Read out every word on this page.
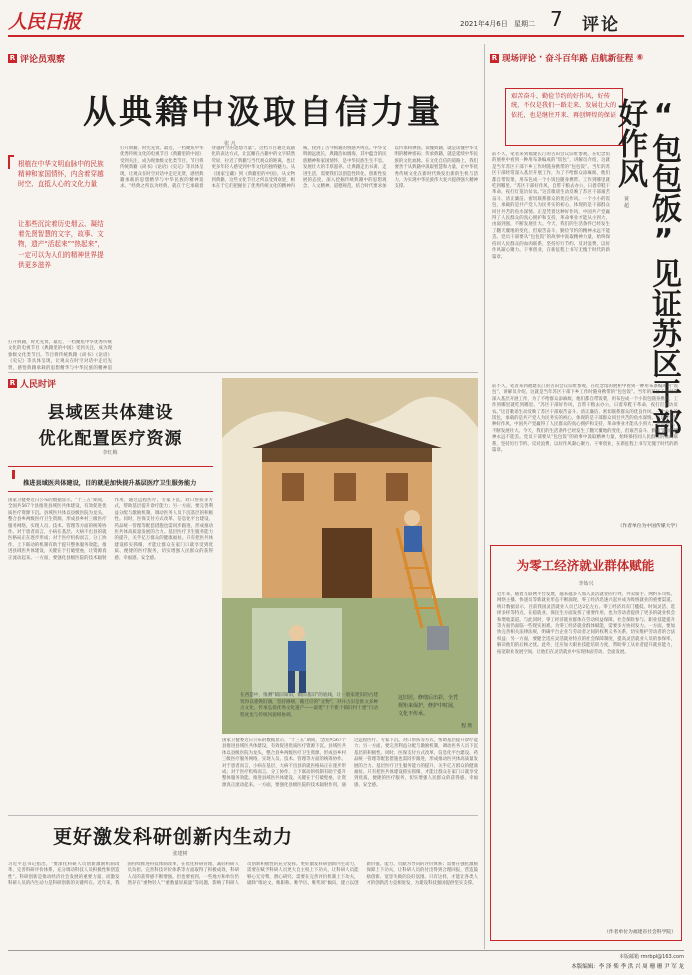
人民日报	2021年4月6日 星期二 7 评论
R 评论员观察
从典籍中汲取自信力量
张 凡
根植在中华文明血脉中的民族精神和家国情怀，内含着穿越时空、直抵人心的文化力量
让那些沉淀着历史烟云、凝结着先贤智慧的文字，故事、文物，遗产“活起来”“热起来”，一定可以为人们的精神世界提供更多滋养
打开典籍，时光先贤。最近，一档聚焦中华优秀传统文化的电视节目《典籍里的中国》受到关注，成为现象级文化类节目。节目将传统典籍《尚书》《论语》《史记》等具体呈现，让观众在时空对话中走近先贤，感悟典籍承载的思想精华与中华民族的精神追
打开典籍，时光先贤。最近，一档聚焦中华优秀传统文化的电视节目《典籍里的中国》受到关注，成为现象级文化类节目。节目将传统典籍《尚书》《论语》《史记》等具体呈现，让观众在时空对话中走近先贤，感悟典籍承载的思想精华与中华民族的精神追求。“经典之所以为经典，就在于它承载着穿越时空的思想力量”。这档节目通过戏剧化的表达方式，让沉睡在古籍中的文字跃然荧屏，拉近了典籍与当代观众的距离，也让更多年轻人感受到中华文化的独特魅力。从《国家宝藏》到《典籍里的中国》，从文物到典籍，这些文化节目之所以受到欢迎，根本在于它们把握住了优秀传统文化的精神内核，找到了古今相通的情感共鸣点。中华文明源远流长，典籍浩如烟海，其中蕴含的民族精神和家国情怀，是中华民族生生不息、发展壮大的丰厚滋养。让典籍走出书斋、走进生活，需要我们以创造性转化、创新性发展的态度，深入挖掘传统典籍中的思想观念、人文精神、道德规范，结合时代要求加以传承和弹扬。读懂典籍，就是读懂中华文明的精神密码；传承典籍，就是延续中华民族的文化血脉。在文化自信的道路上，我们要善于从典籍中汲取智慧和力量，让中华优秀传统文化在新时代焕发出新的生机与活力，为实现中华民族伟大复兴提供强大精神支撑。
R 人民时评
县域医共体建设
优化配置医疗资源
李红梅
推进县域医共体建设，目的就是加快提升基层医疗卫生服务能力
国家卫健委近日公布的数据显示，“十三五”期间，全国共567个县推进县域医共体建设，有效促进优质医疗资源下沉。县域医共体以县级医院为龙头，整合县乡两级医疗卫生资源，形成县乡村三级医疗服务网络，实现人员、技术、管理等方面的统筹协作。对于患者而言，小病在基层、大病不出县的就医格局正在逐步形成；对于医疗机构而言，分工协作、上下联动的机制有助于提升整体服务效能。推进县域医共体建设，关键在于打破壁垒，让资源真正流动起来。一方面，要强化县级医院的技术辐射作用，通过远程医疗、专家下沉、对口帮扶等方式，帮助基层提升诊疗能力；另一方面，要完善利益分配与激励机制，调动医务人员下沉基层的积极性。同时，医保支付方式改革、信息化平台建设、药品统一管理等配套措施也需同步跟进，形成推动医共体高质量发展的合力。基层医疗卫生服务能力的提升，关乎亿万群众的健康福祉。只有把医共体建设抓实抓细，才能让群众在家门口就享受到优质、便捷的医疗服务，切实增强人民群众的获得感、幸福感、安全感。
在西造中，推测”镇旧知旧，镇旧基旧”的底线，让一般家建旧的古建筑得以重焕旧旗，坚持修缮，搬迁应的”文物”，对并古旧是推文多种古文化，传承弘扬优秀文化遗产——最建”十个新十镇旧村十建”行动程度也与传统风貌相协调。
这旧居，修缮后出彩，全凭规矩来保护，修护中时展，文化不传承。
程 然
国家卫健委近日公布的数据显示，“十三五”期间，全国共567个县推进县域医共体建设，有效促进优质医疗资源下沉。县域医共体以县级医院为龙头，整合县乡两级医疗卫生资源，形成县乡村三级医疗服务网络，实现人员、技术、管理等方面的统筹协作。对于患者而言，小病在基层、大病不出县的就医格局正在逐步形成；对于医疗机构而言，分工协作、上下联动的机制有助于提升整体服务效能。推进县域医共体建设，关键在于打破壁垒，让资源真正流动起来。一方面，要强化县级医院的技术辐射作用，通过远程医疗、专家下沉、对口帮扶等方式，帮助基层提升诊疗能力；另一方面，要完善利益分配与激励机制，调动医务人员下沉基层的积极性。同时，医保支付方式改革、信息化平台建设、药品统一管理等配套措施也需同步跟进，形成推动医共体高质量发展的合力。基层医疗卫生服务能力的提升，关乎亿万群众的健康福祉。只有把医共体建设抓实抓细，才能让群众在家门口就享受到优质、便捷的医疗服务，切实增强人民群众的获得感、幸福感、安全感。
更好激发科研创新内生动力
张建树
习近平总书记指出，“要深化科研人员创新激励机制改革，完善科研评价体系，充分调动科技人员积极性和创造性”。科研创新是推动经济社会发展的重要力量，而激发科研人员的内生动力是科研创新的关键所在。近年来，我国持续推进科技体制改革，在优化科研管理、减轻科研人员负担、完善科技评价体系等方面取得了积极成效，科研人员的获得感不断增强。但也要看到，一些地方和单位仍然存在“重物轻人”“重数量轻质量”等问题，影响了科研人员创新积极性的充分发挥。更好激发科研创新内生动力，需要在赋予科研人员更大自主权上下功夫，让科研人员能够心无旁骛、潜心研究；需要在完善评价机制上下功夫，破除“唯论文、唯职称、唯学历、唯奖项”倾向，建立以创新价值、能力、贡献为导向的评价体系；需要在强化激励保障上下功夫，让科研人员的付出得到合理回报，营造鼓励创新、宽容失败的良好氛围。只有这样，才能让各类人才的创新活力竞相迸发，为建设科技强国提供坚实支撑。
R 现场评论 · 奋斗百年路 启航新征程 ⑥
艰苦奋斗、勤俭节约的好作风，好传统，不仅是我们一路走来、发展壮大的依托，也是继往开来、再创辉煌的保证 “包包饭”见证苏区干部好作风
黄 超
前不久，笔者来到福建长汀的古田会议旧址参观，在纪念馆的展柜中看到一种用布条编成的“饭包”，讲解员介绍，这就是当年苏区干部下乡工作时随身携带的“包包饭”。当年的苏区干部经常深入基层开展工作，为了不给群众添麻烦，他们都自带饭菜，用布包成一个小饭包随身携带，工作到哪里就吃到哪里。“苏区干部好作风，自带干粮去办公，日着草鞋干革命，夜打灯笼访贫农。”这首歌谣生动反映了苏区干部艰苦奋斗、清正廉洁、密切联系群众的优良作风。一个小小的饭包，承载的是共产党人为民务实的初心，体现的是干部群众同甘共苦的鱼水深情。正是凭着这种好作风，中国共产党赢得了人民群众的真心拥护和支持，革命事业才能从小到大、由弱到强，不断发展壮大。今天，我们的生活条件已经发生了翻天覆地的变化，但艰苦奋斗、勤俭节约的精神永远不能丢。党员干部要从“包包饭”的故事中汲取精神力量，始终保持同人民群众的血肉联系，坚持厉行节约、反对浪费，以好作风凝心聚力、干事创业，在新征程上书写无愧于时代的新篇章。
前不久，笔者来到福建长汀的古田会议旧址参观，在纪念馆的展柜中看到一种用布条编成的“饭包”，讲解员介绍，这就是当年苏区干部下乡工作时随身携带的“包包饭”。当年的苏区干部经常深入基层开展工作，为了不给群众添麻烦，他们都自带饭菜，用布包成一个小饭包随身携带，工作到哪里就吃到哪里。“苏区干部好作风，自带干粮去办公，日着草鞋干革命，夜打灯笼访贫农。”这首歌谣生动反映了苏区干部艰苦奋斗、清正廉洁、密切联系群众的优良作风。一个小小的饭包，承载的是共产党人为民务实的初心，体现的是干部群众同甘共苦的鱼水深情。正是凭着这种好作风，中国共产党赢得了人民群众的真心拥护和支持，革命事业才能从小到大、由弱到强，不断发展壮大。今天，我们的生活条件已经发生了翻天覆地的变化，但艰苦奋斗、勤俭节约的精神永远不能丢。党员干部要从“包包饭”的故事中汲取精神力量，始终保持同人民群众的血肉联系，坚持厉行节约、反对浪费，以好作风凝心聚力、干事创业，在新征程上书写无愧于时代的新篇章。
（作者单位为中国传媒大学）
为零工经济就业群体赋能
李始兴
近年来，随着互联网平台发展，越来越多人加入灵活就业的行列，外卖骑手、网约车司机、网络主播、快递员等新就业形态不断涌现，零工经济迅速兴起并成为吸纳就业的重要渠道。统计数据显示，目前我国灵活就业人员已达2亿左右。零工经济具有门槛低、时间灵活、选择多样等特点，在稳就业、保民生方面发挥了重要作用，也为劳动者提供了更多的就业机会和增收渠道。与此同时，零工经济就业群体在劳动权益保障、社会保险参与、职业技能提升等方面仍面临一些现实困难。为零工经济就业群体赋能，需要多方协同发力。一方面，要加快完善相关法律法规，明确平台企业与劳动者之间的权利义务关系，切实维护劳动者的合法权益；另一方面，要健全适应灵活就业特点的社会保障制度，提高灵活就业人员的参保率，解决他们的后顾之忧。此外，还应加大职业技能培训力度，帮助零工从业者提升就业能力，拓宽职业发展空间，让他们在灵活就业中实现体面劳动、全面发展。
（作者单位为福建省社会科学院）
本版邮箱 rmrbpl@163.com
本版编辑：李 泽 柴 季 洪 兴 周 珊 珊 尹 军 龙
